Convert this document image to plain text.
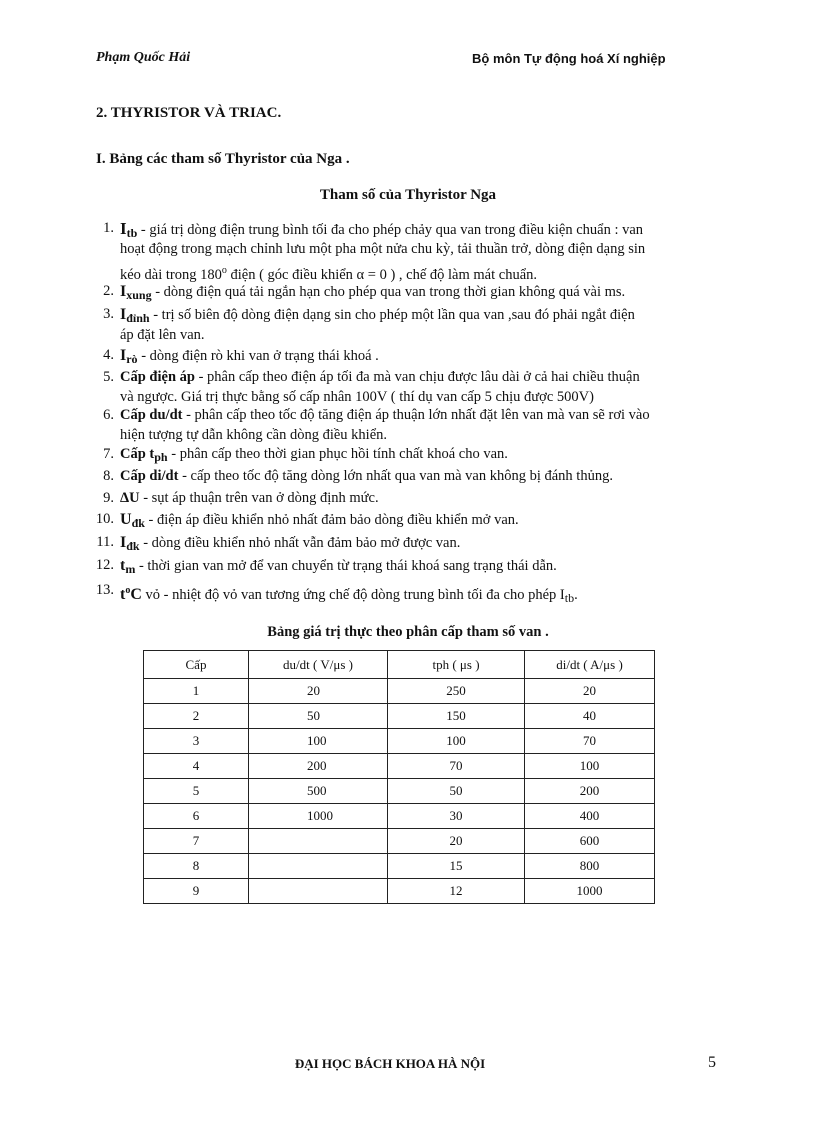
Phạm Quốc Hải	Bộ môn Tự động hoá Xí nghiệp
2. THYRISTOR VÀ TRIAC.
I. Bảng các tham số Thyristor của Nga .
Tham số của Thyristor Nga
1. Itb - giá trị dòng điện trung bình tối đa cho phép chảy qua van trong điều kiện chuẩn : van
hoạt động trong mạch chỉnh lưu một pha một nửa chu kỳ, tải thuần trở, dòng điện dạng sin
kéo dài trong 180$^o$ điện ( góc điều khiển α = 0 ) , chế độ làm mát chuẩn.
2. Ixung - dòng điện quá tải ngắn hạn cho phép qua van trong thời gian không quá vài ms.
3. Iđỉnh - trị số biên độ dòng điện dạng sin cho phép một lần qua van ,sau đó phải ngắt điện
áp đặt lên van.
4. Irò - dòng điện rò khi van ở trạng thái khoá .
5. Cấp điện áp - phân cấp theo điện áp tối đa mà van chịu được lâu dài ở cả hai chiều thuận
và ngược. Giá trị thực bằng số cấp nhân 100V ( thí dụ van cấp 5 chịu được 500V)
6. Cấp du/dt - phân cấp theo tốc độ tăng điện áp thuận lớn nhất đặt lên van mà van sẽ rơi vào
hiện tượng tự dẫn không cần dòng điều khiển.
7. Cấp $t_{ph}$ - phân cấp theo thời gian phục hồi tính chất khoá cho van.
8. Cấp di/dt - cấp theo tốc độ tăng dòng lớn nhất qua van mà van không bị đánh thủng.
9. ΔU - sụt áp thuận trên van ở dòng định mức.
10. Uđk - điện áp điều khiển nhỏ nhất đảm bảo dòng điều khiển mở van.
11. Iđk - dòng điều khiển nhỏ nhất vẫn đảm bảo mở được van.
12. tm - thời gian van mở để van chuyển từ trạng thái khoá sang trạng thái dẫn.
13. $t^oC$ vỏ - nhiệt độ vỏ van tương ứng chế độ dòng trung bình tối đa cho phép $I_{tb}$.
Bảng giá trị thực theo phân cấp tham số van .
Cấp	du/dt ( V/μs )	tph ( μs )	di/dt ( A/μs )
1	20	250	20
2	50	150	40
3	100	100	70
4	200	70	100
5	500	50	200
6	1000	30	400
7		20	600
8		15	800
9		12	1000
ĐẠI HỌC BÁCH KHOA HÀ NỘI	5
